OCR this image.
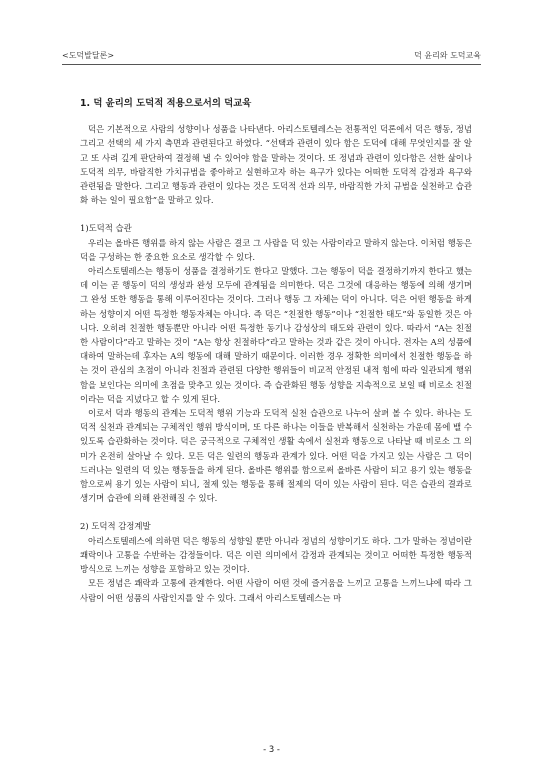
<도덕발달론>	덕 윤리와 도덕교육
1. 덕 윤리의 도덕적 적용으로서의 덕교육

덕은 기본적으로 사람의 성향이나 성품을 나타낸다. 아리스토텔레스는 전통적인 덕론에서 덕은 행동, 정념 그리고 선택의 세 가지 측면과 관련된다고 하였다. “선택과 관련이 있다 함은 도덕에 대해 무엇인지를 잘 알고 또 사려 깊게 판단하여 결정해 낼 수 있어야 함을 말하는 것이다. 또 정념과 관련이 있다함은 선한 삶이나 도덕적 의무, 바람직한 가치규범을 좋아하고 실현하고자 하는 욕구가 있다는 어떠한 도덕적 감정과 욕구와 관련됨을 말한다. 그리고 행동과 관련이 있다는 것은 도덕적 선과 의무, 바람직한 가치 규범을 실천하고 습관화 하는 일이 필요함”을 말하고 있다.

1)도덕적 습관

우리는 올바른 행위를 하지 않는 사람은 결코 그 사람을 덕 있는 사람이라고 말하지 않는다. 이처럼 행동은 덕을 구성하는 한 중요한 요소로 생각할 수 있다.

아리스토텔레스는 행동이 성품을 결정하기도 한다고 말했다. 그는 행동이 덕을 결정하기까지 한다고 했는데 이는 곧 행동이 덕의 생성과 완성 모두에 관계됨을 의미한다. 덕은 그것에 대응하는 행동에 의해 생기며 그 완성 또한 행동을 통해 이루어진다는 것이다. 그러나 행동 그 자체는 덕이 아니다. 덕은 어떤 행동을 하게 하는 성향이지 어떤 특정한 행동자체는 아니다. 즉 덕은 “친절한 행동”이나 “친절한 태도”와 동일한 것은 아니다. 오히려 친절한 행동뿐만 아니라 어떤 특정한 동기나 감성상의 태도와 관련이 있다. 따라서 “A는 친절한 사람이다”라고 말하는 것이 “A는 항상 친절하다”라고 말하는 것과 같은 것이 아니다. 전자는 A의 성품에 대하여 말하는데 후자는 A의 행동에 대해 말하기 때문이다. 이러한 경우 정확한 의미에서 친절한 행동을 하는 것이 관심의 초점이 아니라 친절과 관련된 다양한 행위들이 비교적 안정된 내적 힘에 따라 일관되게 행위 함을 보인다는 의미에 초점을 맞추고 있는 것이다. 즉 습관화된 행동 성향을 지속적으로 보일 때 비로소 친절이라는 덕을 지녔다고 할 수 있게 된다.

이로서 덕과 행동의 관계는 도덕적 행위 기능과 도덕적 실천 습관으로 나누어 살펴 볼 수 있다. 하나는 도덕적 실천과 관계되는 구체적인 행위 방식이며, 또 다른 하나는 이들을 반복해서 실천하는 가운데 몸에 밸 수 있도록 습관화하는 것이다. 덕은 궁극적으로 구체적인 생활 속에서 실천과 행동으로 나타날 때 비로소 그 의미가 온전히 살아날 수 있다. 모든 덕은 일련의 행동과 관계가 있다. 어떤 덕을 가지고 있는 사람은 그 덕이 드러나는 일련의 덕 있는 행동들을 하게 된다. 올바른 행위를 함으로써 올바른 사람이 되고 용기 있는 행동을 함으로써 용기 있는 사람이 되니, 절제 있는 행동을 통해 절제의 덕이 있는 사람이 된다. 덕은 습관의 결과로 생기며 습관에 의해 완전해질 수 있다.

2) 도덕적 감정계발

아리스토텔레스에 의하면 덕은 행동의 성향일 뿐만 아니라 정념의 성향이기도 하다. 그가 말하는 정념이란 쾌락이나 고통을 수반하는 감정들이다. 덕은 이런 의미에서 감정과 관계되는 것이고 어떠한 특정한 행동적 방식으로 느끼는 성향을 포함하고 있는 것이다.

모든 정념은 쾌락과 고통에 관계한다. 어떤 사람이 어떤 것에 즐거움을 느끼고 고통을 느끼느냐에 따라 그 사람이 어떤 성품의 사람인지를 알 수 있다. 그래서 아리스토텔레스는 마

- 3 -
